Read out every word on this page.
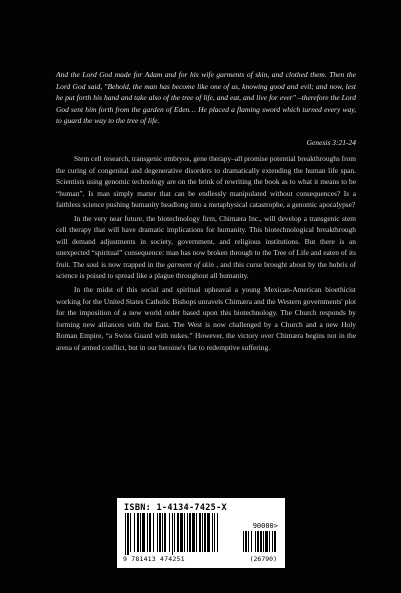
And the Lord God made for Adam and for his wife garments of skin, and clothed them. Then the Lord God said, "Behold, the man has become like one of us, knowing good and evil; and now, lest he put forth his hand and take also of the tree of life, and eat, and live for ever" –therefore the Lord God sent him forth from the garden of Eden… He placed a flaming sword which turned every way, to guard the way to the tree of life.

Genesis 3:21-24

Stem cell research, transgenic embryos, gene therapy–all promise potential breakthroughs from the curing of congenital and degenerative disorders to dramatically extending the human life span. Scientists using genomic technology are on the brink of rewriting the book as to what it means to be “human”. Is man simply matter that can be endlessly manipulated without consequences? Is a faithless science pushing humanity headlong into a metaphysical catastrophe, a genomic apocalypse?

In the very near future, the biotechnology firm, Chimæra Inc., will develop a transgenic stem cell therapy that will have dramatic implications for humanity. This biotechnological breakthrough will demand adjustments in society, government, and religious institutions. But there is an unexpected “spiritual” consequence: man has now broken through to the Tree of Life and eaten of its fruit. The soul is now trapped in the garment of skin , and this curse brought about by the hubris of science is poised to spread like a plague throughout all humanity.

In the midst of this social and spiritual upheaval a young Mexican-American bioethicist working for the United States Catholic Bishops unravels Chimæra and the Western governments' plot for the imposition of a new world order based upon this biotechnology. The Church responds by forming new alliances with the East. The West is now challenged by a Church and a new Holy Roman Empire, “a Swiss Guard with nukes.” However, the victory over Chimæra begins not in the arena of armed conflict, but in our heroine's fiat to redemptive suffering.

ISBN: 1-4134-7425-X
90000>
9 781413 474251	(26790)
